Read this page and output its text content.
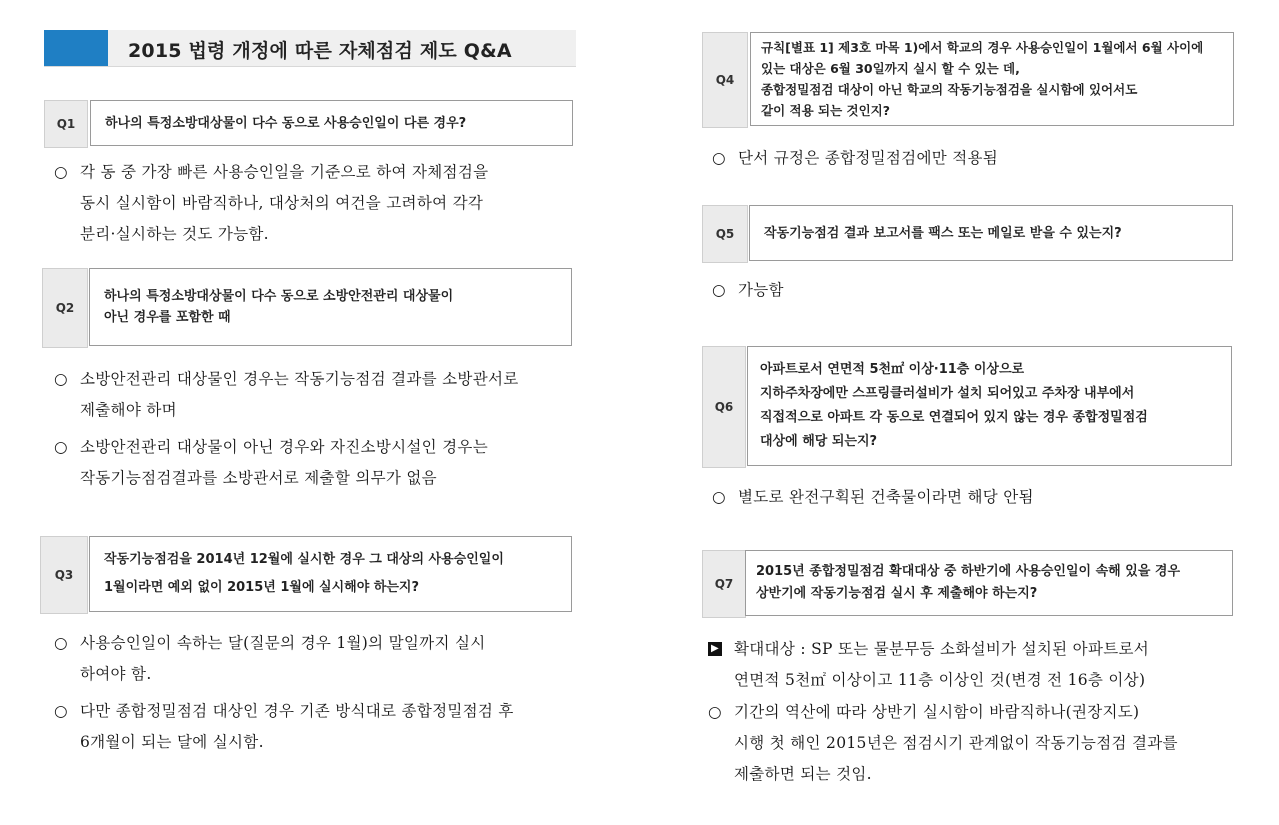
2015 법령 개정에 따른 자체점검 제도 Q&A
Q1	하나의 특정소방대상물이 다수 동으로 사용승인일이 다른 경우?
○ 각 동 중 가장 빠른 사용승인일을 기준으로 하여 자체점검을
동시 실시함이 바람직하나, 대상처의 여건을 고려하여 각각
분리·실시하는 것도 가능함.
Q2
하나의 특정소방대상물이 다수 동으로 소방안전관리 대상물이
아닌 경우를 포함한 때
○ 소방안전관리 대상물인 경우는 작동기능점검 결과를 소방관서로
제출해야 하며
○ 소방안전관리 대상물이 아닌 경우와 자진소방시설인 경우는
작동기능점검결과를 소방관서로 제출할 의무가 없음
Q3
작동기능점검을 2014년 12월에 실시한 경우 그 대상의 사용승인일이
1월이라면 예외 없이 2015년 1월에 실시해야 하는지?
○ 사용승인일이 속하는 달(질문의 경우 1월)의 말일까지 실시
하여야 함.
○ 다만 종합정밀점검 대상인 경우 기존 방식대로 종합정밀점검 후
6개월이 되는 달에 실시함.
Q4
규칙[별표 1] 제3호 마목 1)에서 학교의 경우 사용승인일이 1월에서 6월 사이에
있는 대상은 6월 30일까지 실시 할 수 있는 데,
종합정밀점검 대상이 아닌 학교의 작동기능점검을 실시함에 있어서도
같이 적용 되는 것인지?
○ 단서 규정은 종합정밀점검에만 적용됨
Q5	작동기능점검 결과 보고서를 팩스 또는 메일로 받을 수 있는지?
○ 가능함
Q6
아파트로서 연면적 5천㎡ 이상·11층 이상으로
지하주차장에만 스프링클러설비가 설치 되어있고 주차장 내부에서
직접적으로 아파트 각 동으로 연결되어 있지 않는 경우 종합정밀점검
대상에 해당 되는지?
○ 별도로 완전구획된 건축물이라면 해당 안됨
Q7
2015년 종합정밀점검 확대대상 중 하반기에 사용승인일이 속해 있을 경우
상반기에 작동기능점검 실시 후 제출해야 하는지?
▶ 확대대상 : SP 또는 물분무등 소화설비가 설치된 아파트로서
연면적 5천㎡ 이상이고 11층 이상인 것(변경 전 16층 이상)
○ 기간의 역산에 따라 상반기 실시함이 바람직하나(권장지도)
시행 첫 해인 2015년은 점검시기 관계없이 작동기능점검 결과를
제출하면 되는 것임.
